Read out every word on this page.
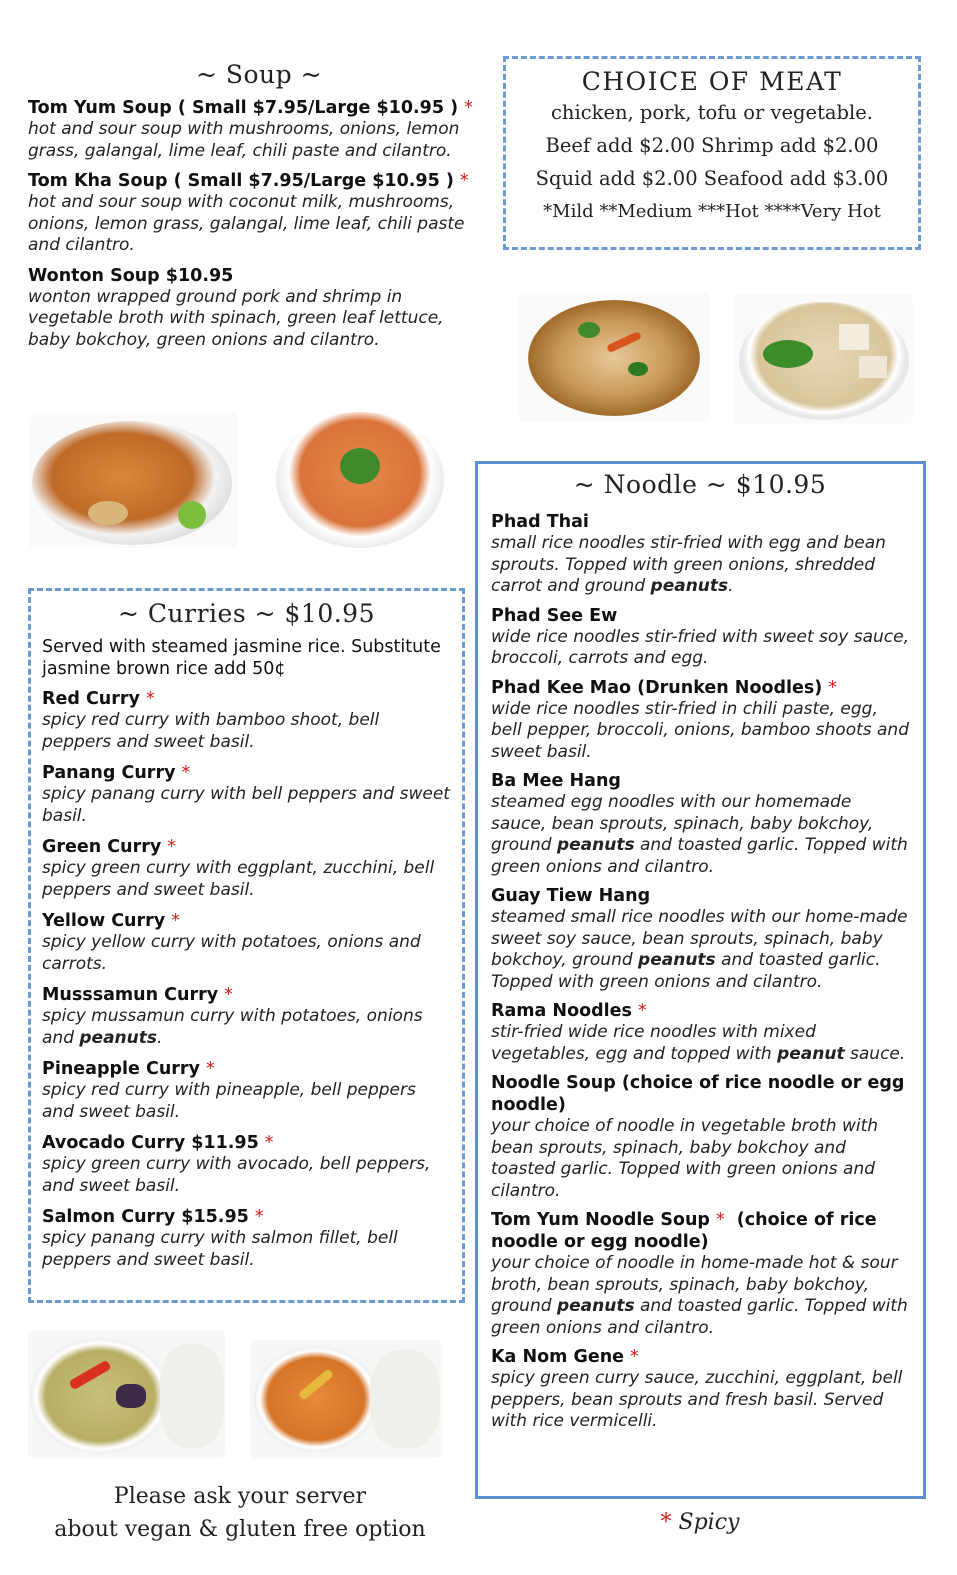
~ Soup ~
Tom Yum Soup ( Small $7.95/Large $10.95 ) *
hot and sour soup with mushrooms, onions, lemon grass, galangal, lime leaf, chili paste and cilantro.
Tom Kha Soup ( Small $7.95/Large $10.95 ) *
hot and sour soup with coconut milk, mushrooms, onions, lemon grass, galangal, lime leaf, chili paste and cilantro.
Wonton Soup $10.95
wonton wrapped ground pork and shrimp in vegetable broth with spinach, green leaf lettuce, baby bokchoy, green onions and cilantro.
CHOICE OF MEAT
chicken, pork, tofu or vegetable.
Beef add $2.00 Shrimp add $2.00
Squid add $2.00 Seafood add $3.00
*Mild **Medium ***Hot ****Very Hot
~ Curries ~ $10.95
Served with steamed jasmine rice. Substitute jasmine brown rice add 50¢
Red Curry *
spicy red curry with bamboo shoot, bell peppers and sweet basil.
Panang Curry *
spicy panang curry with bell peppers and sweet basil.
Green Curry *
spicy green curry with eggplant, zucchini, bell peppers and sweet basil.
Yellow Curry *
spicy yellow curry with potatoes, onions and carrots.
Musssamun Curry *
spicy mussamun curry with potatoes, onions and peanuts.
Pineapple Curry *
spicy red curry with pineapple, bell peppers and sweet basil.
Avocado Curry $11.95 *
spicy green curry with avocado, bell peppers, and sweet basil.
Salmon Curry $15.95 *
spicy panang curry with salmon fillet, bell peppers and sweet basil.
~ Noodle ~ $10.95
Phad Thai
small rice noodles stir-fried with egg and bean sprouts. Topped with green onions, shredded carrot and ground peanuts.
Phad See Ew
wide rice noodles stir-fried with sweet soy sauce, broccoli, carrots and egg.
Phad Kee Mao (Drunken Noodles) *
wide rice noodles stir-fried in chili paste, egg, bell pepper, broccoli, onions, bamboo shoots and sweet basil.
Ba Mee Hang
steamed egg noodles with our homemade sauce, bean sprouts, spinach, baby bokchoy, ground peanuts and toasted garlic. Topped with green onions and cilantro.
Guay Tiew Hang
steamed small rice noodles with our home-made sweet soy sauce, bean sprouts, spinach, baby bokchoy, ground peanuts and toasted garlic. Topped with green onions and cilantro.
Rama Noodles *
stir-fried wide rice noodles with mixed vegetables, egg and topped with peanut sauce.
Noodle Soup (choice of rice noodle or egg noodle)
your choice of noodle in vegetable broth with bean sprouts, spinach, baby bokchoy and toasted garlic. Topped with green onions and cilantro.
Tom Yum Noodle Soup * (choice of rice noodle or egg noodle)
your choice of noodle in home-made hot & sour broth, bean sprouts, spinach, baby bokchoy, ground peanuts and toasted garlic. Topped with green onions and cilantro.
Ka Nom Gene *
spicy green curry sauce, zucchini, eggplant, bell peppers, bean sprouts and fresh basil. Served with rice vermicelli.
Please ask your server
about vegan & gluten free option	* Spicy
